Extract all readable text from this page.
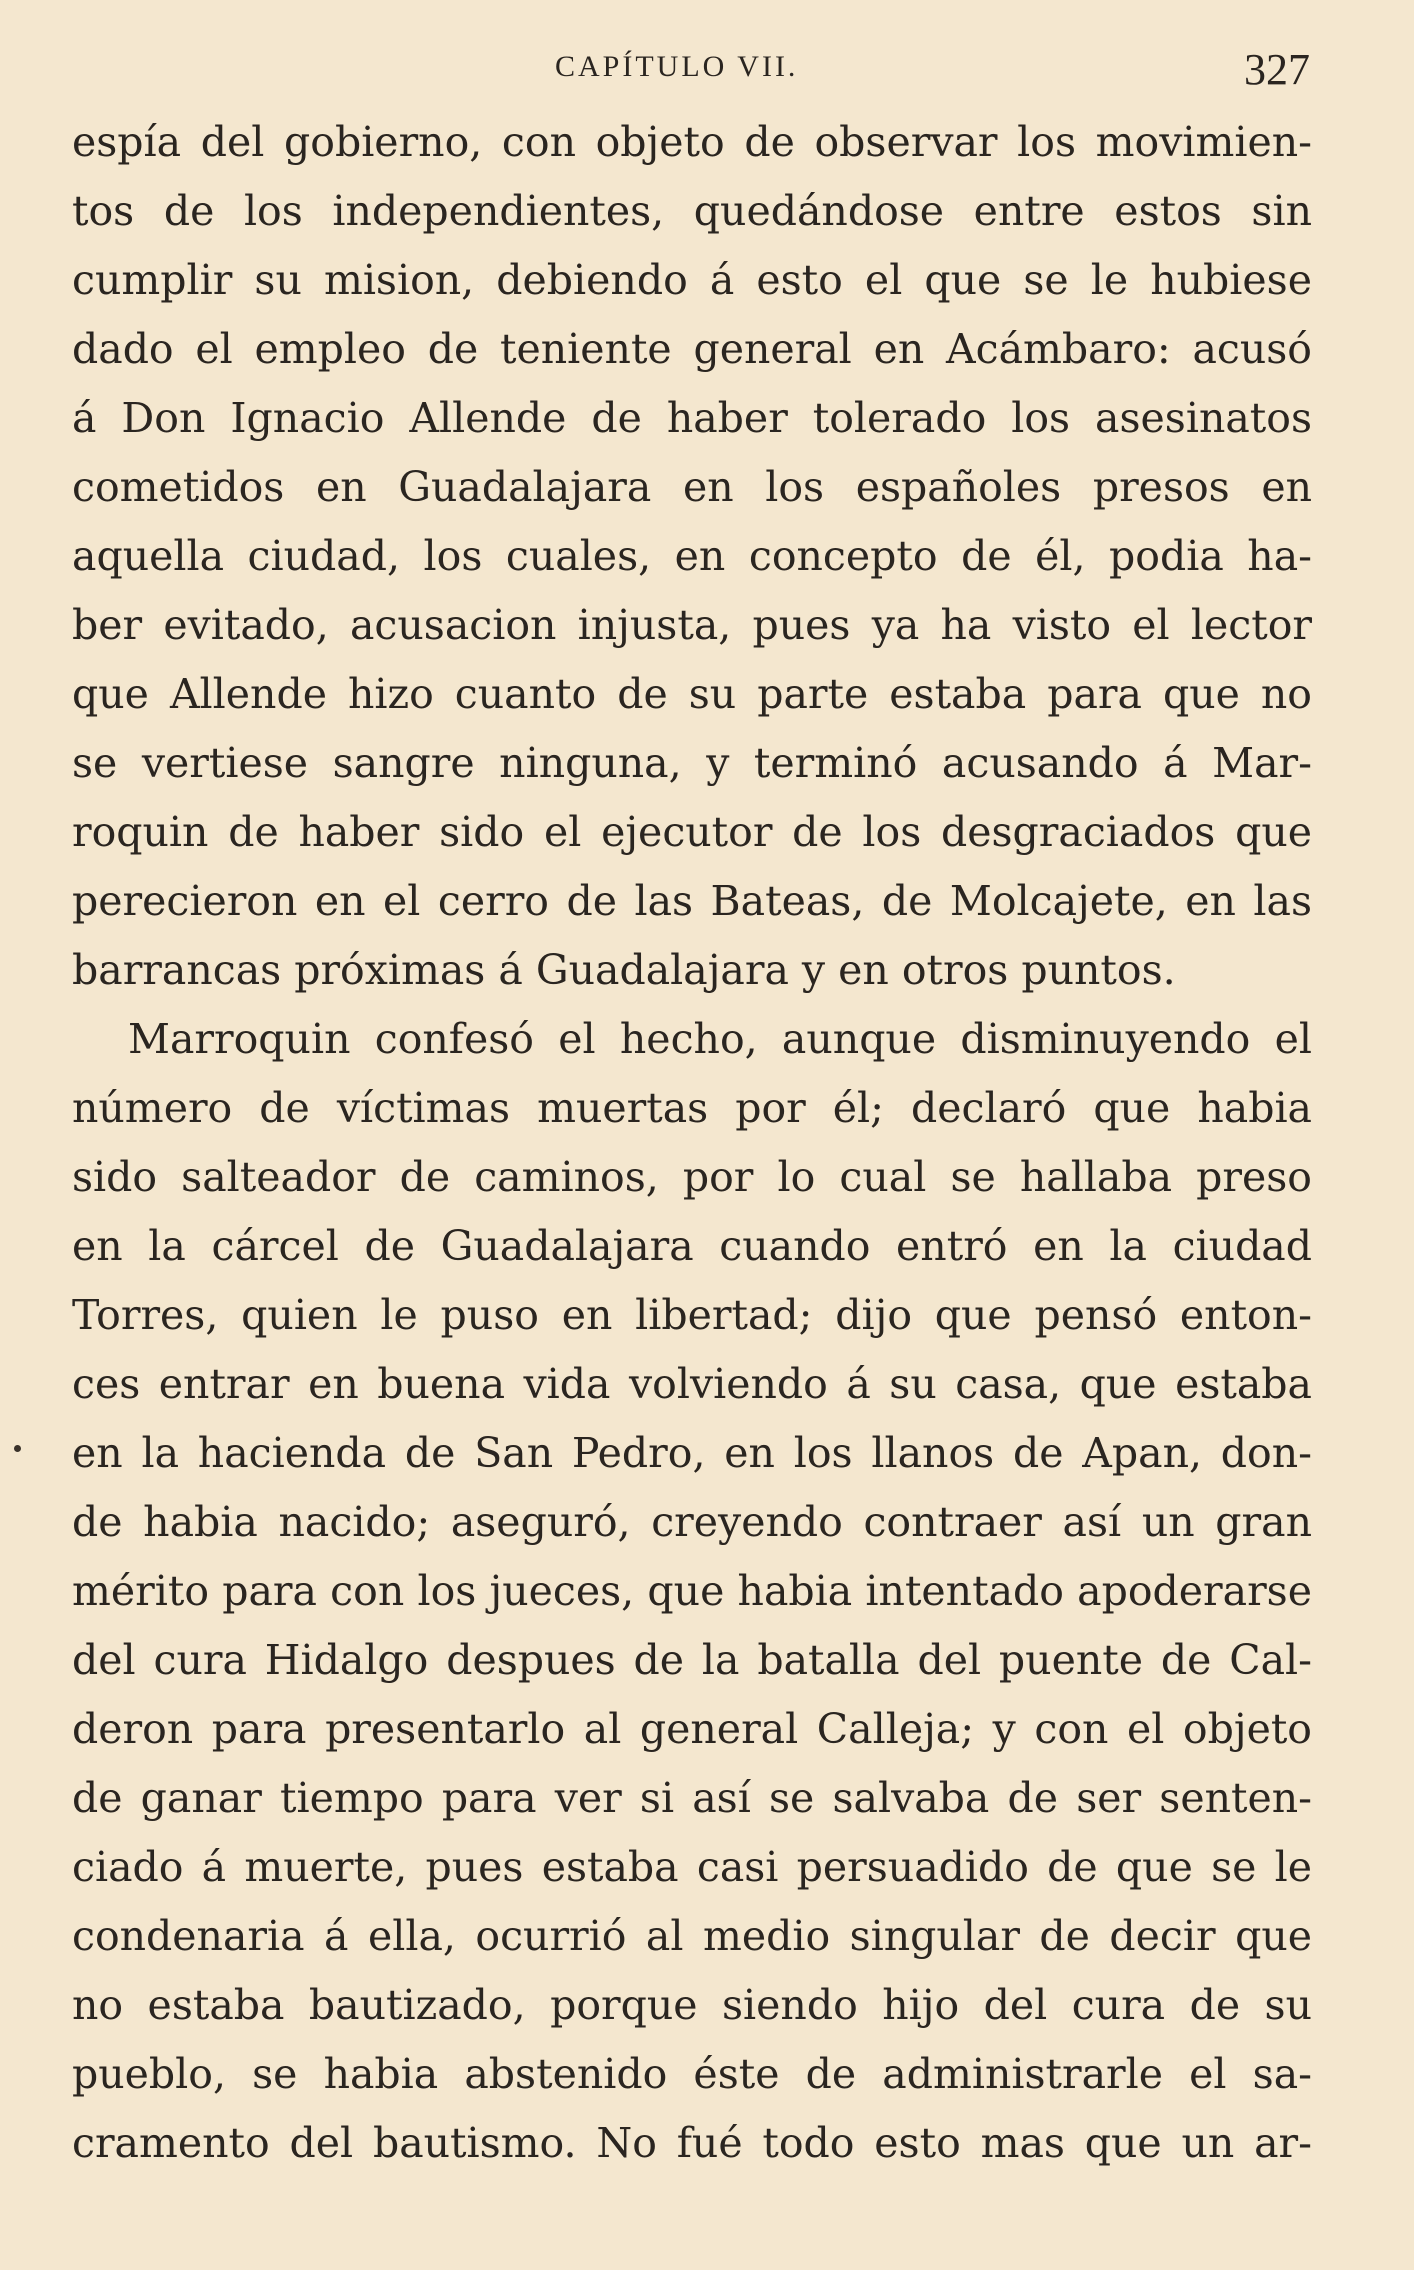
CAPÍTULO VII.	327
espía del gobierno, con objeto de observar los movimien-
tos de los independientes, quedándose entre estos sin
cumplir su mision, debiendo á esto el que se le hubiese
dado el empleo de teniente general en Acámbaro: acusó
á Don Ignacio Allende de haber tolerado los asesinatos
cometidos en Guadalajara en los españoles presos en
aquella ciudad, los cuales, en concepto de él, podia ha-
ber evitado, acusacion injusta, pues ya ha visto el lector
que Allende hizo cuanto de su parte estaba para que no
se vertiese sangre ninguna, y terminó acusando á Mar-
roquin de haber sido el ejecutor de los desgraciados que
perecieron en el cerro de las Bateas, de Molcajete, en las
barrancas próximas á Guadalajara y en otros puntos.
Marroquin confesó el hecho, aunque disminuyendo el
número de víctimas muertas por él; declaró que habia
sido salteador de caminos, por lo cual se hallaba preso
en la cárcel de Guadalajara cuando entró en la ciudad
Torres, quien le puso en libertad; dijo que pensó enton-
ces entrar en buena vida volviendo á su casa, que estaba
en la hacienda de San Pedro, en los llanos de Apan, don-
de habia nacido; aseguró, creyendo contraer así un gran
mérito para con los jueces, que habia intentado apoderarse
del cura Hidalgo despues de la batalla del puente de Cal-
deron para presentarlo al general Calleja; y con el objeto
de ganar tiempo para ver si así se salvaba de ser senten-
ciado á muerte, pues estaba casi persuadido de que se le
condenaria á ella, ocurrió al medio singular de decir que
no estaba bautizado, porque siendo hijo del cura de su
pueblo, se habia abstenido éste de administrarle el sa-
cramento del bautismo. No fué todo esto mas que un ar-
